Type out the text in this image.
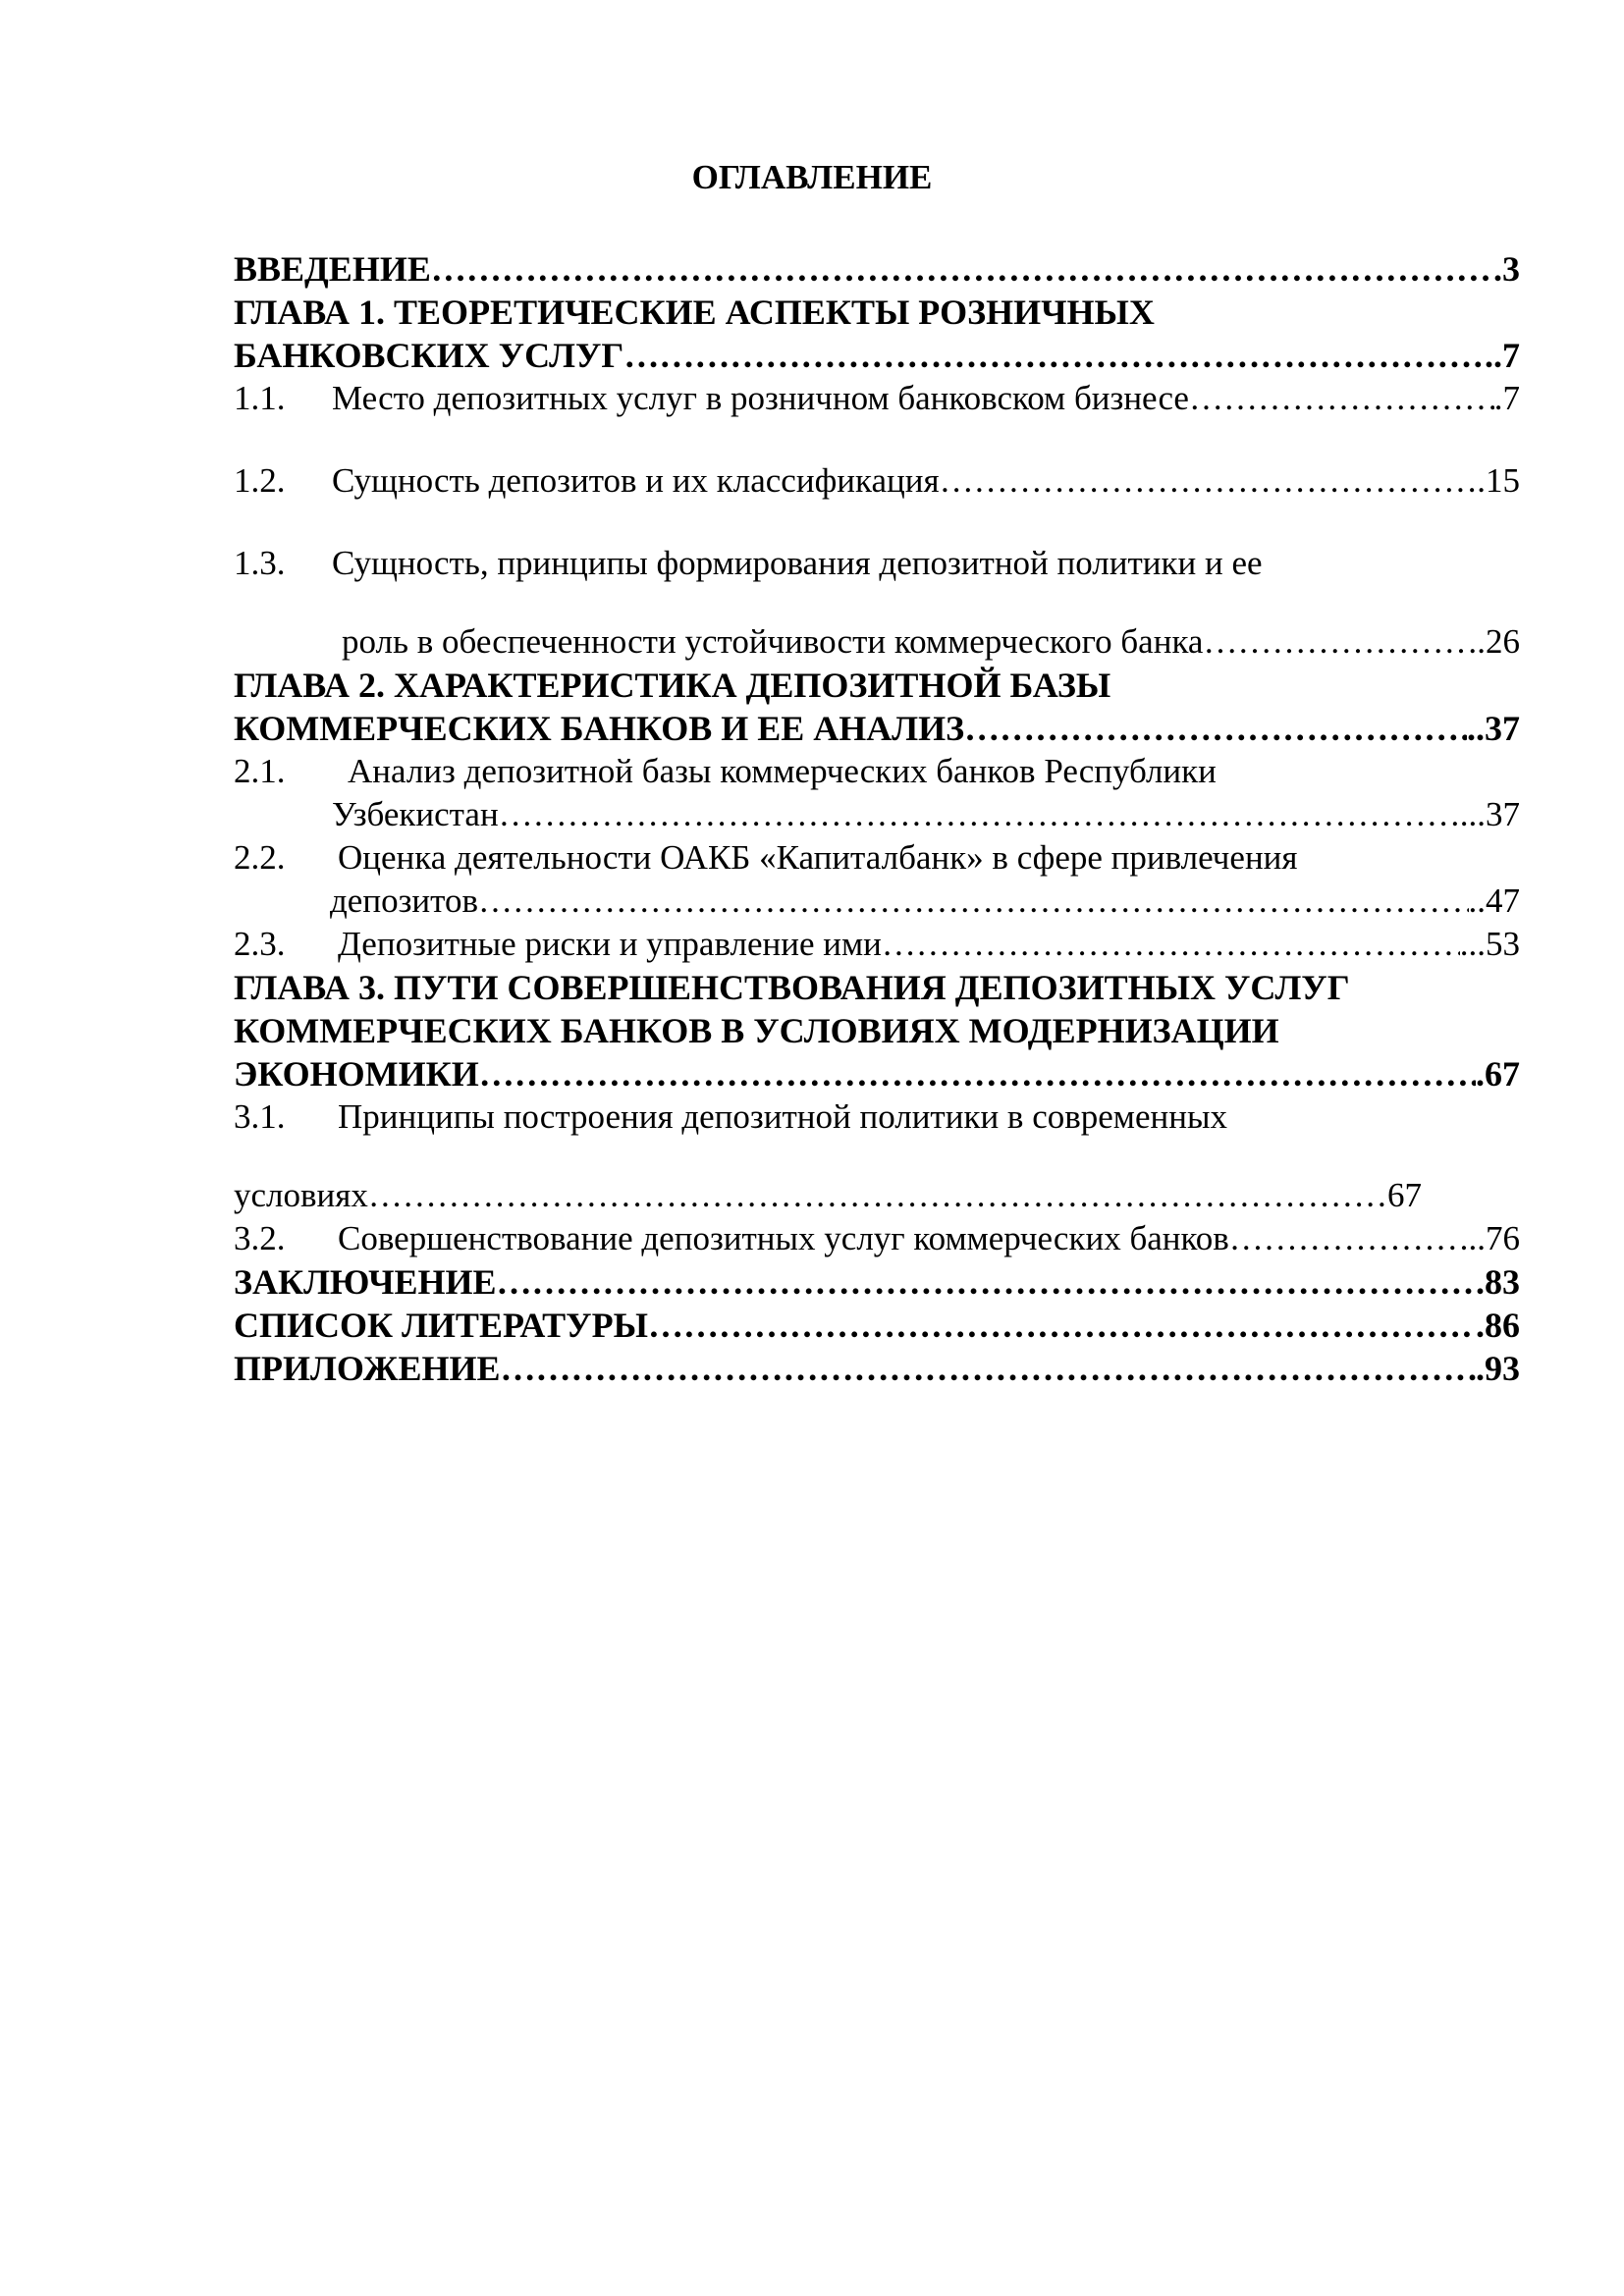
ОГЛАВЛЕНИЕ
ВВЕДЕНИЕ …………………………………………………………………………………………………………………………………………………………………………	.3
ГЛАВА 1. ТЕОРЕТИЧЕСКИЕ АСПЕКТЫ РОЗНИЧНЫХ
БАНКОВСКИХ УСЛУГ …………………………………………………………………………………………………………………………………………………………………………	..7
1.1.	Место депозитных услуг в розничном банковском бизнесе …………………………………………………………………………………………………………………………………………………………………………	.7
1.2.	Сущность депозитов и их классификация …………………………………………………………………………………………………………………………………………………………………………	.15
1.3.	Сущность, принципы формирования депозитной политики и ее
роль в обеспеченности устойчивости коммерческого банка …………………………………………………………………………………………………………………………………………………………………………	.26
ГЛАВА 2. ХАРАКТЕРИСТИКА ДЕПОЗИТНОЙ БАЗЫ
КОММЕРЧЕСКИХ БАНКОВ И ЕЕ АНАЛИЗ …………………………………………………………………………………………………………………………………………………………………………	..37
2.1.	Анализ депозитной базы коммерческих банков Республики
Узбекистан …………………………………………………………………………………………………………………………………………………………………………	...37
2.2.	Оценка деятельности ОАКБ «Капиталбанк» в сфере привлечения
депозитов …………………………………………………………………………………………………………………………………………………………………………	..47
2.3.	Депозитные риски и управление ими …………………………………………………………………………………………………………………………………………………………………………	...53
ГЛАВА 3. ПУТИ СОВЕРШЕНСТВОВАНИЯ ДЕПОЗИТНЫХ УСЛУГ
КОММЕРЧЕСКИХ БАНКОВ В УСЛОВИЯХ МОДЕРНИЗАЦИИ
ЭКОНОМИКИ …………………………………………………………………………………………………………………………………………………………………………	.67
3.1.	Принципы построения депозитной политики в современных
условиях …………………………………………………………………………………………………………………………………………………………………………	67
3.2.	Совершенствование депозитных услуг коммерческих банков …………………………………………………………………………………………………………………………………………………………………………	..76
ЗАКЛЮЧЕНИЕ …………………………………………………………………………………………………………………………………………………………………………	.83
СПИСОК ЛИТЕРАТУРЫ …………………………………………………………………………………………………………………………………………………………………………	.86
ПРИЛОЖЕНИЕ …………………………………………………………………………………………………………………………………………………………………………	.93
